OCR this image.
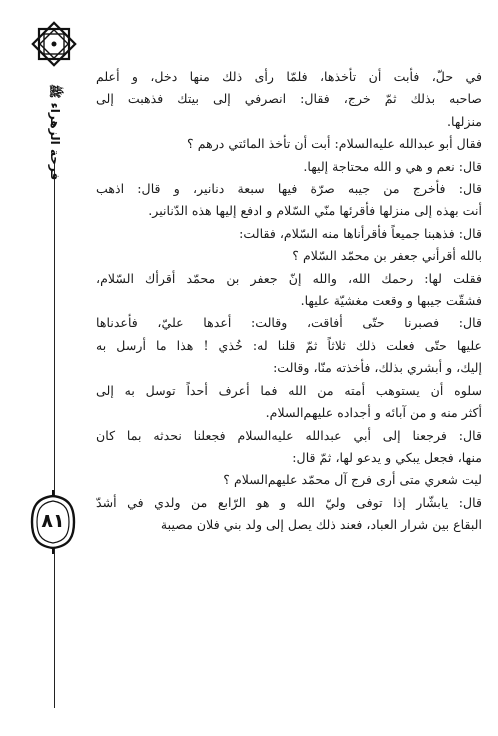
فرحة الزهراء ﷺ
٨١

في حلّ، فأبت أن تأخذها، فلمّا رأى ذلك منها دخل، و أعلم
صاحبه بذلك ثمّ خرج، فقال: انصرفي إلى بيتك فذهبت إلى
منزلها.

فقال أبو عبدالله عليه‌السلام: أبت أن تأخذ المائتي درهم ؟

قال: نعم و هي و الله محتاجة إليها.

قال: فأخرج من جيبه صرّة فيها سبعة دنانير، و قال: اذهب
أنت بهذه إلى منزلها فأقرئها منّي السّلام و ادفع إليها هذه الدّنانير.

قال: فذهبنا جميعاً فأقرأناها منه السّلام، فقالت:

بالله أقرأني جعفر بن محمّد السّلام ؟

فقلت لها: رحمك الله، والله إنّ جعفر بن محمّد أقرأك السّلام،
فشقّت جيبها و وقعت مغشيّة عليها.

قال: فصبرنا حتّى أفاقت، وقالت: أعدها عليّ، فأعدناها
عليها حتّى فعلت ذلك ثلاثاً ثمّ قلنا له: خُذي ! هذا ما أرسل به
إليك، و أبشري بذلك، فأخذته منّا، وقالت:

سلوه أن يستوهب أمته من الله فما أعرف أحداً توسل به إلى
أكثر منه و من آبائه و أجداده عليهم‌السلام.

قال: فرجعنا إلى أبي عبدالله عليه‌السلام فجعلنا نحدثه بما كان
منها، فجعل يبكي و يدعو لها، ثمّ قال:

ليت شعري متى أرى فرج آل محمّد عليهم‌السلام ؟

قال: يابشّار إذا توفى وليّ الله و هو الرّابع من ولدي في أشدّ
البقاع بين شرار العباد، فعند ذلك يصل إلى ولد بني فلان مصيبة
